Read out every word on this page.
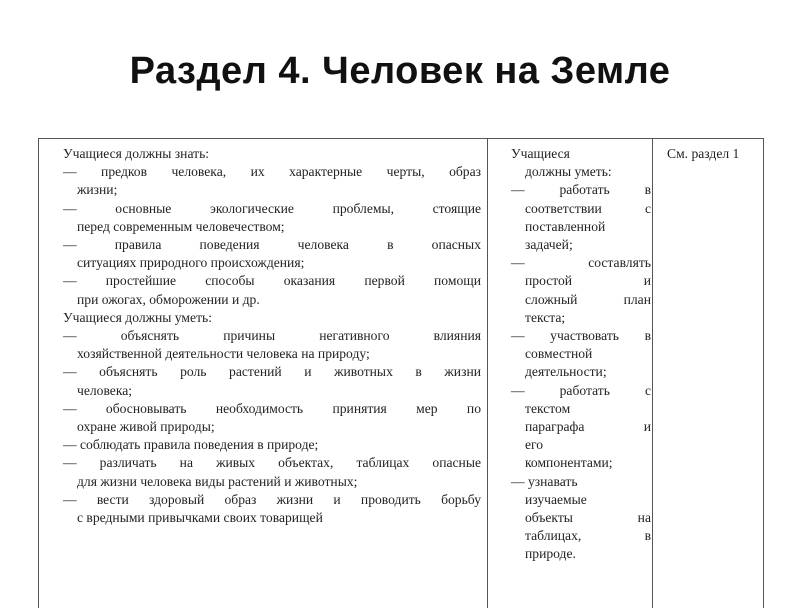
Раздел 4. Человек на Земле
Учащиеся должны знать:
— предков человека, их характерные черты, образ
жизни;
— основные экологические проблемы, стоящие
перед современным человечеством;
— правила поведения человека в опасных
ситуациях природного происхождения;
— простейшие способы оказания первой помощи
при ожогах, обморожении и др.
Учащиеся должны уметь:
— объяснять причины негативного влияния
хозяйственной деятельности человека на природу;
— объяснять роль растений и животных в жизни
человека;
— обосновывать необходимость принятия мер по
охране живой природы;
— соблюдать правила поведения в природе;
— различать на живых объектах, таблицах опасные
для жизни человека виды растений и животных;
— вести здоровый образ жизни и проводить борьбу
с вредными привычками своих товарищей
Учащиеся
должны уметь:
— работать в
соответствии с
поставленной
задачей;
— составлять
простой и
сложный план
текста;
— участвовать в
совместной
деятельности;
— работать с
текстом
параграфа и
его
компонентами;
— узнавать
изучаемые
объекты на
таблицах, в
природе.
См. раздел 1
